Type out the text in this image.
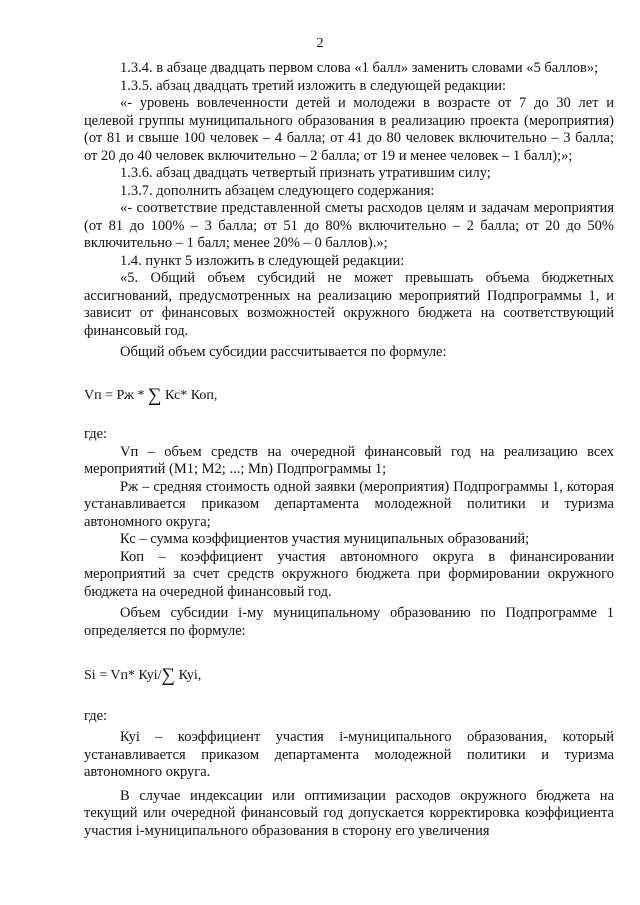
2

1.3.4. в абзаце двадцать первом слова «1 балл» заменить словами «5 баллов»;

1.3.5. абзац двадцать третий изложить в следующей редакции:

«- уровень вовлеченности детей и молодежи в возрасте от 7 до 30 лет и целевой группы муниципального образования в реализацию проекта (мероприятия) (от 81 и свыше 100 человек – 4 балла; от 41 до 80 человек включительно – 3 балла; от 20 до 40 человек включительно – 2 балла; от 19 и менее человек – 1 балл);»;

1.3.6. абзац двадцать четвертый признать утратившим силу;

1.3.7. дополнить абзацем следующего содержания:

«- соответствие представленной сметы расходов целям и задачам мероприятия (от 81 до 100% – 3 балла; от 51 до 80% включительно – 2 балла; от 20 до 50% включительно – 1 балл; менее 20% – 0 баллов).»;

1.4. пункт 5 изложить в следующей редакции:

«5. Общий объем субсидий не может превышать объема бюджетных ассигнований, предусмотренных на реализацию мероприятий Подпрограммы 1, и зависит от финансовых возможностей окружного бюджета на соответствующий финансовый год.

Общий объем субсидии рассчитывается по формуле:

Vп = Рж * ∑ Кс* Коп,

где:

Vп – объем средств на очередной финансовый год на реализацию всех мероприятий (М1; М2; ...; Мn) Подпрограммы 1;

Рж – средняя стоимость одной заявки (мероприятия) Подпрограммы 1, которая устанавливается приказом департамента молодежной политики и туризма автономного округа;

Кс – сумма коэффициентов участия муниципальных образований;

Коп – коэффициент участия автономного округа в финансировании мероприятий за счет средств окружного бюджета при формировании окружного бюджета на очередной финансовый год.

Объем субсидии i-му муниципальному образованию по Подпрограмме 1 определяется по формуле:

Si = Vп* Куi/∑ Куi,

где:

Куi – коэффициент участия i-муниципального образования, который устанавливается приказом департамента молодежной политики и туризма автономного округа.

В случае индексации или оптимизации расходов окружного бюджета на текущий или очередной финансовый год допускается корректировка коэффициента участия i-муниципального образования в сторону его увеличения
